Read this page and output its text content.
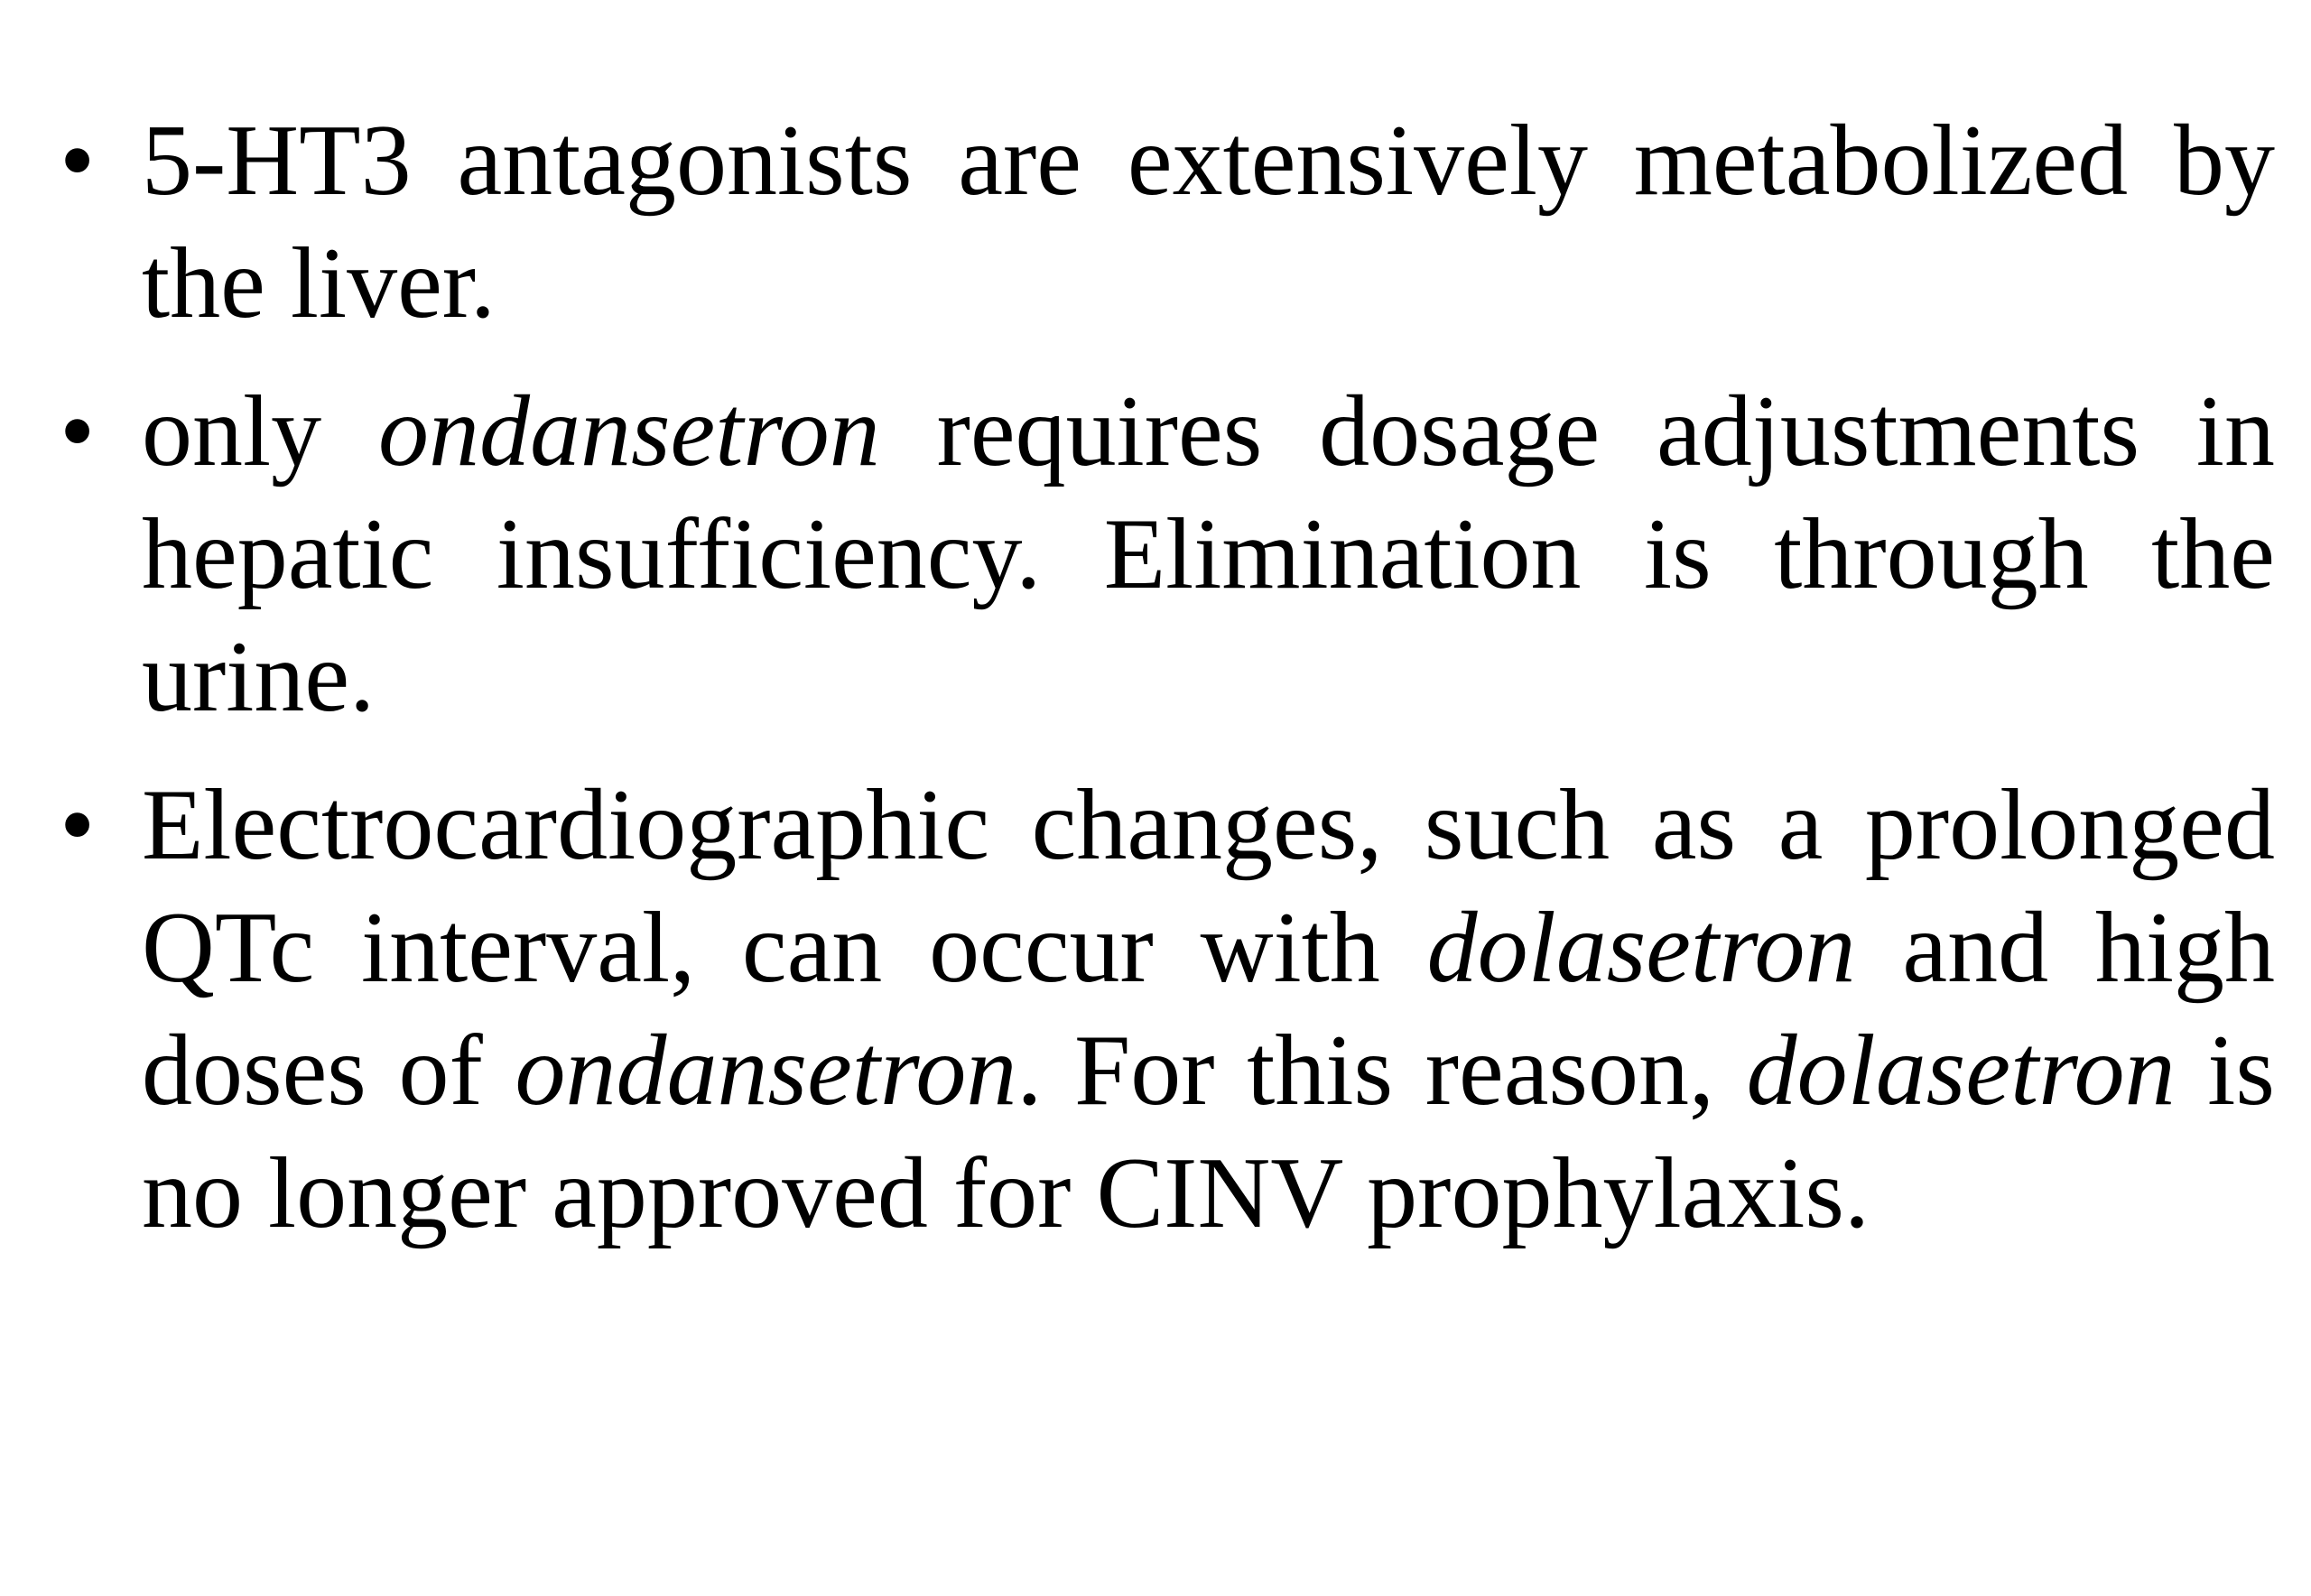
•
5-HT3 antagonists are extensively metabolized by the liver.
•
only ondansetron requires dosage adjustments in hepatic insufficiency. Elimination is through the urine.
•
Electrocardiographic changes, such as a prolonged QTc interval, can occur with dolasetron and high doses of ondansetron. For this reason, dolasetron is no longer approved for CINV prophylaxis.
